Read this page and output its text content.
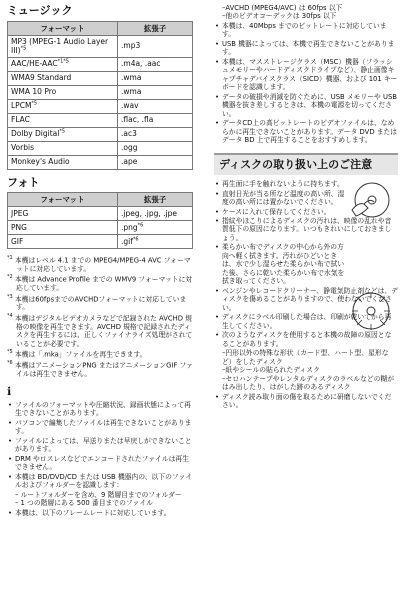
ミュージック
フォーマット	拡張子
MP3 (MPEG-1 Audio Layer III)$^{*5}$	.mp3
AAC/$HE-AAC^{*1*5}$	.m4a, .aac
WMA9 Standard	.wma
WMA 10 Pro	.wma
LPCM$^{*5}$	.wav
FLAC	.flac, .fla
Dolby Digital$^{*5}$	.ac3
Vorbis	.ogg
Monkey's Audio	.ape
フォト
フォーマット	拡張子
JPEG	.jpeg, .jpg, .jpe
PNG	.png$^{*6}$
GIF	.gif$^{*6}$

$^{*1}$ 本機はレベル 4.1 までの MPEG4/MPEG-4 AVC フォーマットに対応しています。

$^{*2}$ 本機は Advance Profile までの WMV9 フォーマットに対応しています。

$^{*3}$ 本機は60fpsまでのAVCHDフォーマットに対応しています。

$^{*4}$ 本機はデジタルビデオカメラなどで記録された AVCHD 規格の映像を再生できます。AVCHD 規格で記録されたディスクを再生するには、正しくファイナライズ処理がされていることが必要です。

$^{*5}$ 本機は「.mka」ファイルを再生できます。

$^{*6}$ 本機はアニメーションPNG またはアニメーションGIF ファイルは再生できません。

ℹ
• ファイルのフォーマットや圧縮状況、録画状態によって再生できないことがあります。
• パソコンで編集したファイルは再生できないことがあります。
• ファイルによっては、早送りまたは早戻しができないことがあります。
• DRM やロスレスなどでエンコードされたファイルは再生できません。
• 本機は BD/DVD/CD または USB 機器内の、以下のファイルおよびフォルダーを認識します：

– ルートフォルダーを含め、9 階層目までのフォルダー

– 1 つの階層にある 500 番目までのファイル

• 本機は、以下のフレームレートに対応しています。

–AVCHD (MPEG4/AVC) は 60fps 以下

–他のビデオコーデックは 30fps 以下

• 本機は、40Mbps までのビットレートに対応しています。
• USB 機器によっては、本機で再生できないことがあります。
• 本機は、マスストレージクラス（MSC）機器（フラッシュメモリーやハードディスクドライブなど）、静止画像キャプチャデバイスクラス（SICD）機器、および 101 キーボードを認識します。
• データの破損や消滅を防ぐために、USB メモリーや USB 機器を抜き差しするときは、本機の電源を切ってください。
• データCD上の高ビットレートのビデオファイルは、なめらかに再生できないことがあります。データ DVD またはデータ BD 上で再生することをおすすめします。
ディスクの取り扱い上のご注意
• 再生面に手を触れないように持ちます。
• 直射日光が当る所など温度の高い所、湿度の高い所には置かないでください。
• ケースに入れて保存してください。
• 指紋やほこりによるディスクの汚れは、映像の乱れや音質低下の原因になります。いつもきれいにしておきましょう。
• 柔らかい布でディスクの中心から外の方向へ軽く拭きます。汚れがひどいときは、水で少し湿らせた柔らかい布で拭いた後、さらに乾いた柔らかい布で水気を拭き取ってください。
• ベンジンやレコードクリーナー、静電気防止剤などは、ディスクを傷めることがありますので、使わないでください。
• ディスクにラベル印刷した場合は、印刷が乾いてから再生してください。
• 次のようなディスクを使用すると本機の故障の原因となることがあります。

–円形以外の特殊な形状（カード型、ハート型、星形など）をしたディスク

–紙やシールの貼られたディスク

–セロハンテープやレンタルディスクのラベルなどの糊がはみ出したり、はがした跡のあるディスク

• ディスク読み取り面の傷を取るために研磨しないでください。
